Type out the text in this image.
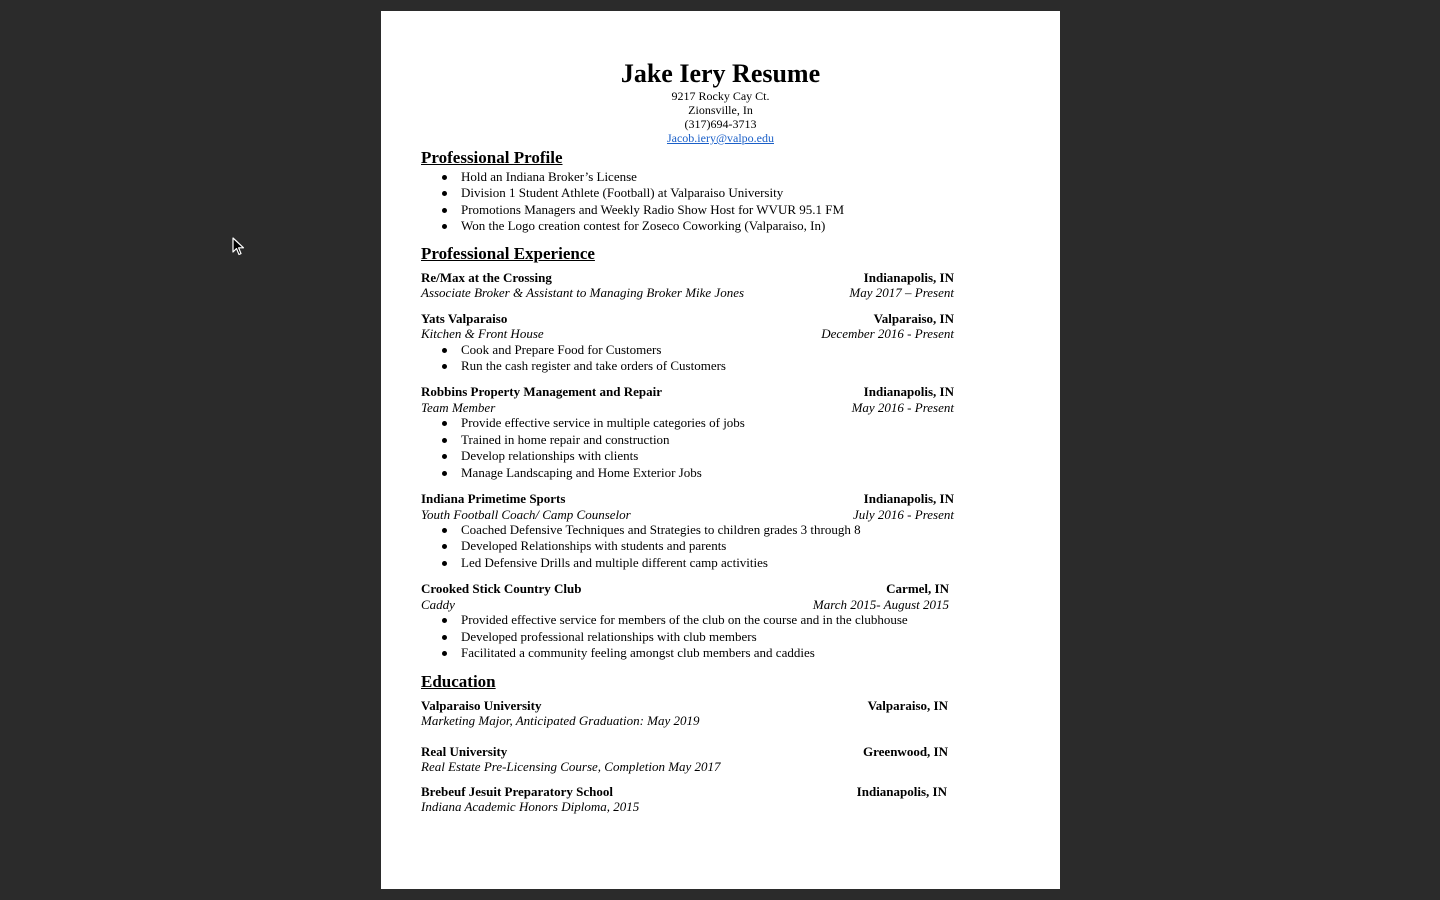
Jake Iery Resume
9217 Rocky Cay Ct.
Zionsville, In
(317)694-3713
Jacob.iery@valpo.edu
Professional Profile
Hold an Indiana Broker’s License
Division 1 Student Athlete (Football) at Valparaiso University
Promotions Managers and Weekly Radio Show Host for WVUR 95.1 FM
Won the Logo creation contest for Zoseco Coworking (Valparaiso, In)
Professional Experience
Re/Max at the Crossing	Indianapolis, IN
Associate Broker & Assistant to Managing Broker Mike Jones	May 2017 – Present
Yats Valparaiso	Valparaiso, IN
Kitchen & Front House	December 2016 - Present
Cook and Prepare Food for Customers
Run the cash register and take orders of Customers
Robbins Property Management and Repair	Indianapolis, IN
Team Member	May 2016 - Present
Provide effective service in multiple categories of jobs
Trained in home repair and construction
Develop relationships with clients
Manage Landscaping and Home Exterior Jobs
Indiana Primetime Sports	Indianapolis, IN
Youth Football Coach/ Camp Counselor	July 2016 - Present
Coached Defensive Techniques and Strategies to children grades 3 through 8
Developed Relationships with students and parents
Led Defensive Drills and multiple different camp activities
Crooked Stick Country Club	Carmel, IN
Caddy	March 2015- August 2015
Provided effective service for members of the club on the course and in the clubhouse
Developed professional relationships with club members
Facilitated a community feeling amongst club members and caddies
Education
Valparaiso University	Valparaiso, IN
Marketing Major, Anticipated Graduation: May 2019
Real University	Greenwood, IN
Real Estate Pre-Licensing Course, Completion May 2017
Brebeuf Jesuit Preparatory School	Indianapolis, IN
Indiana Academic Honors Diploma, 2015
